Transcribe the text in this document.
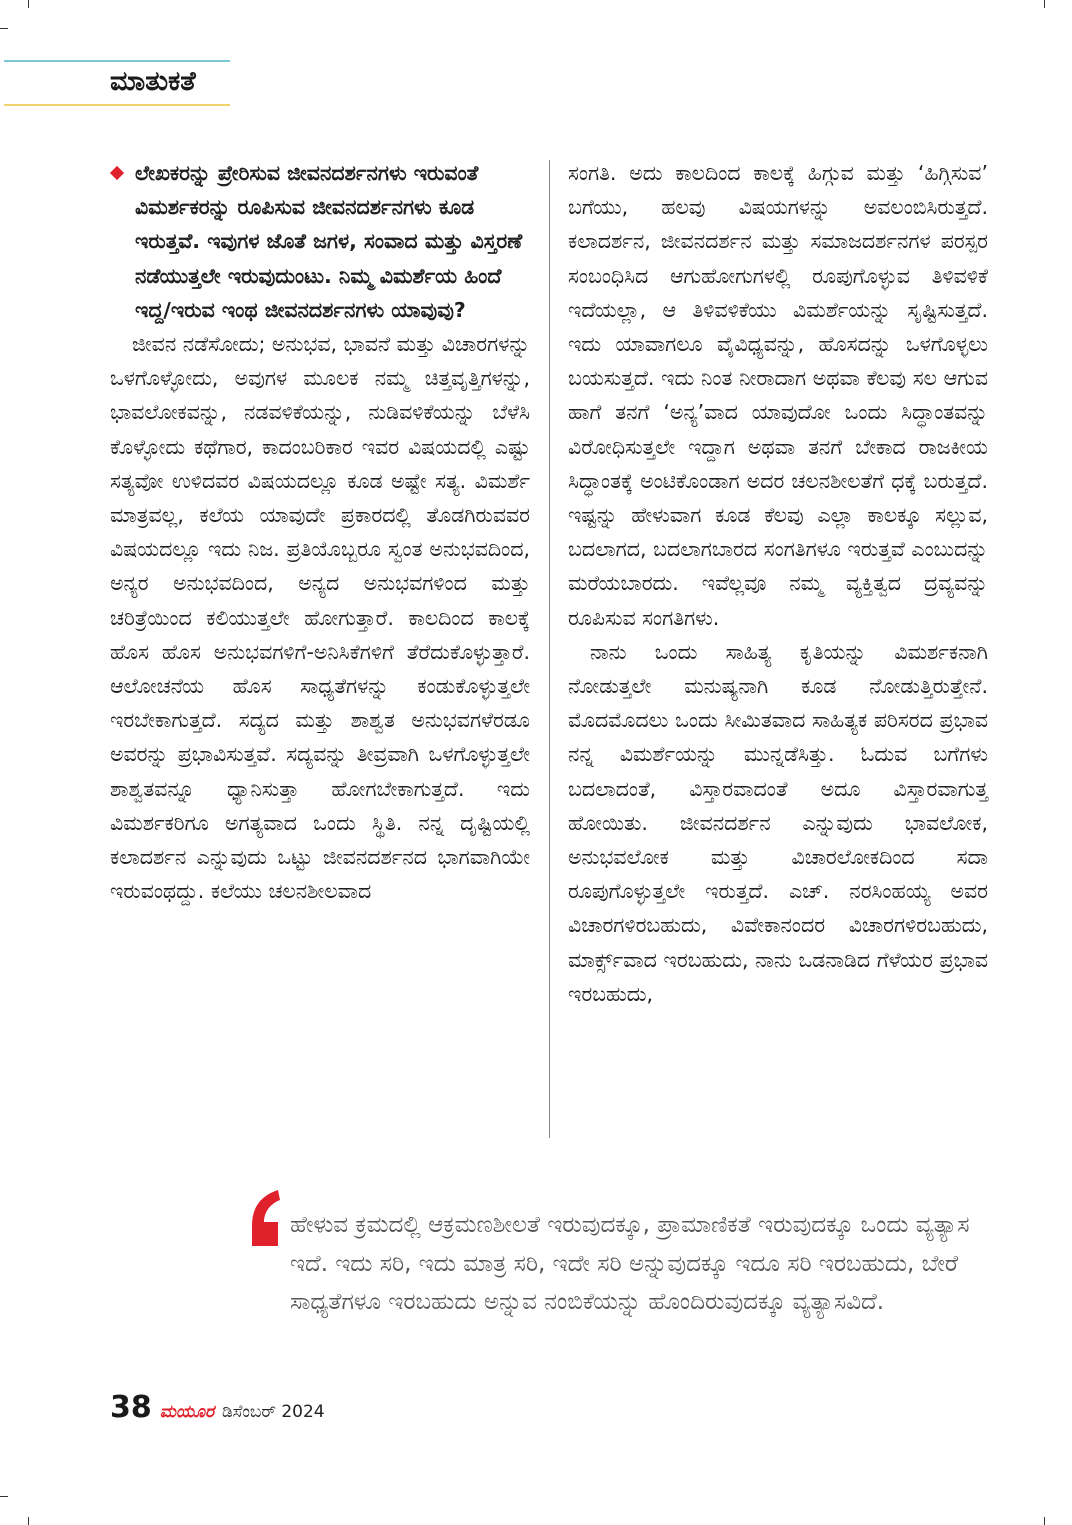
ಮಾತುಕತೆ

ಲೇಖಕರನ್ನು ಪ್ರೇರಿಸುವ ಜೀವನದರ್ಶನಗಳು ಇರುವಂತೆ ವಿಮರ್ಶಕರನ್ನು ರೂಪಿಸುವ ಜೀವನದರ್ಶನಗಳು ಕೂಡ ಇರುತ್ತವೆ. ಇವುಗಳ ಜೊತೆ ಜಗಳ, ಸಂವಾದ ಮತ್ತು ವಿಸ್ತರಣೆ ನಡೆಯುತ್ತಲೇ ಇರುವುದುಂಟು. ನಿಮ್ಮ ವಿಮರ್ಶೆಯ ಹಿಂದೆ ಇದ್ದ/ಇರುವ ಇಂಥ ಜೀವನದರ್ಶನಗಳು ಯಾವುವು?

ಜೀವನ ನಡೆಸೋದು; ಅನುಭವ, ಭಾವನೆ ಮತ್ತು ವಿಚಾರಗಳನ್ನು ಒಳಗೊಳ್ಳೋದು, ಅವುಗಳ ಮೂಲಕ ನಮ್ಮ ಚಿತ್ತವೃತ್ತಿಗಳನ್ನು, ಭಾವಲೋಕವನ್ನು, ನಡವಳಿಕೆಯನ್ನು, ನುಡಿವಳಿಕೆಯನ್ನು ಬೆಳೆಸಿ ಕೊಳ್ಳೋದು ಕಥೆಗಾರ, ಕಾದಂಬರಿಕಾರ ಇವರ ವಿಷಯದಲ್ಲಿ ಎಷ್ಟು ಸತ್ಯವೋ ಉಳಿದವರ ವಿಷಯದಲ್ಲೂ ಕೂಡ ಅಷ್ಟೇ ಸತ್ಯ. ವಿಮರ್ಶೆ ಮಾತ್ರವಲ್ಲ, ಕಲೆಯ ಯಾವುದೇ ಪ್ರಕಾರದಲ್ಲಿ ತೊಡಗಿರುವವರ ವಿಷಯದಲ್ಲೂ ಇದು ನಿಜ. ಪ್ರತಿಯೊಬ್ಬರೂ ಸ್ವಂತ ಅನುಭವದಿಂದ, ಅನ್ಯರ ಅನುಭವದಿಂದ, ಅನ್ಯದ ಅನುಭವಗಳಿಂದ ಮತ್ತು ಚರಿತ್ರೆಯಿಂದ ಕಲಿಯುತ್ತಲೇ ಹೋಗುತ್ತಾರೆ. ಕಾಲದಿಂದ ಕಾಲಕ್ಕೆ ಹೊಸ ಹೊಸ ಅನುಭವಗಳಿಗೆ-ಅನಿಸಿಕೆಗಳಿಗೆ ತೆರೆದುಕೊಳ್ಳುತ್ತಾರೆ. ಆಲೋಚನೆಯ ಹೊಸ ಸಾಧ್ಯತೆಗಳನ್ನು ಕಂಡುಕೊಳ್ಳುತ್ತಲೇ ಇರಬೇಕಾಗುತ್ತದೆ. ಸದ್ಯದ ಮತ್ತು ಶಾಶ್ವತ ಅನುಭವಗಳೆರಡೂ ಅವರನ್ನು ಪ್ರಭಾವಿಸುತ್ತವೆ. ಸದ್ಯವನ್ನು ತೀವ್ರವಾಗಿ ಒಳಗೊಳ್ಳುತ್ತಲೇ ಶಾಶ್ವತವನ್ನೂ ಧ್ಯಾನಿಸುತ್ತಾ ಹೋಗಬೇಕಾಗುತ್ತದೆ. ಇದು ವಿಮರ್ಶಕರಿಗೂ ಅಗತ್ಯವಾದ ಒಂದು ಸ್ಥಿತಿ. ನನ್ನ ದೃಷ್ಟಿಯಲ್ಲಿ ಕಲಾದರ್ಶನ ಎನ್ನುವುದು ಒಟ್ಟು ಜೀವನದರ್ಶನದ ಭಾಗವಾಗಿಯೇ ಇರುವಂಥದ್ದು. ಕಲೆಯು ಚಲನಶೀಲವಾದ

ಸಂಗತಿ. ಅದು ಕಾಲದಿಂದ ಕಾಲಕ್ಕೆ ಹಿಗ್ಗುವ ಮತ್ತು ‘ಹಿಗ್ಗಿಸುವ’ ಬಗೆಯು, ಹಲವು ವಿಷಯಗಳನ್ನು ಅವಲಂಬಿಸಿರುತ್ತದೆ. ಕಲಾದರ್ಶನ, ಜೀವನದರ್ಶನ ಮತ್ತು ಸಮಾಜದರ್ಶನಗಳ ಪರಸ್ಪರ ಸಂಬಂಧಿಸಿದ ಆಗುಹೋಗುಗಳಲ್ಲಿ ರೂಪುಗೊಳ್ಳುವ ತಿಳಿವಳಿಕೆ ಇದೆಯಲ್ಲಾ, ಆ ತಿಳಿವಳಿಕೆಯು ವಿಮರ್ಶೆಯನ್ನು ಸೃಷ್ಟಿಸುತ್ತದೆ. ಇದು ಯಾವಾಗಲೂ ವೈವಿಧ್ಯವನ್ನು, ಹೊಸದನ್ನು ಒಳಗೊಳ್ಳಲು ಬಯಸುತ್ತದೆ. ಇದು ನಿಂತ ನೀರಾದಾಗ ಅಥವಾ ಕೆಲವು ಸಲ ಆಗುವ ಹಾಗೆ ತನಗೆ ‘ಅನ್ಯ’ವಾದ ಯಾವುದೋ ಒಂದು ಸಿದ್ಧಾಂತವನ್ನು ವಿರೋಧಿಸುತ್ತಲೇ ಇದ್ದಾಗ ಅಥವಾ ತನಗೆ ಬೇಕಾದ ರಾಜಕೀಯ ಸಿದ್ಧಾಂತಕ್ಕೆ ಅಂಟಿಕೊಂಡಾಗ ಅದರ ಚಲನಶೀಲತೆಗೆ ಧಕ್ಕೆ ಬರುತ್ತದೆ. ಇಷ್ಟನ್ನು ಹೇಳುವಾಗ ಕೂಡ ಕೆಲವು ಎಲ್ಲಾ ಕಾಲಕ್ಕೂ ಸಲ್ಲುವ, ಬದಲಾಗದ, ಬದಲಾಗಬಾರದ ಸಂಗತಿಗಳೂ ಇರುತ್ತವೆ ಎಂಬುದನ್ನು ಮರೆಯಬಾರದು. ಇವೆಲ್ಲವೂ ನಮ್ಮ ವ್ಯಕ್ತಿತ್ವದ ದ್ರವ್ಯವನ್ನು ರೂಪಿಸುವ ಸಂಗತಿಗಳು.

ನಾನು ಒಂದು ಸಾಹಿತ್ಯ ಕೃತಿಯನ್ನು ವಿಮರ್ಶಕನಾಗಿ ನೋಡುತ್ತಲೇ ಮನುಷ್ಯನಾಗಿ ಕೂಡ ನೋಡುತ್ತಿರುತ್ತೇನೆ. ಮೊದಮೊದಲು ಒಂದು ಸೀಮಿತವಾದ ಸಾಹಿತ್ಯಕ ಪರಿಸರದ ಪ್ರಭಾವ ನನ್ನ ವಿಮರ್ಶೆಯನ್ನು ಮುನ್ನಡೆಸಿತ್ತು. ಓದುವ ಬಗೆಗಳು ಬದಲಾದಂತೆ, ವಿಸ್ತಾರವಾದಂತೆ ಅದೂ ವಿಸ್ತಾರವಾಗುತ್ತ ಹೋಯಿತು. ಜೀವನದರ್ಶನ ಎನ್ನುವುದು ಭಾವಲೋಕ, ಅನುಭವಲೋಕ ಮತ್ತು ವಿಚಾರಲೋಕದಿಂದ ಸದಾ ರೂಪುಗೊಳ್ಳುತ್ತಲೇ ಇರುತ್ತದೆ. ಎಚ್. ನರಸಿಂಹಯ್ಯ ಅವರ ವಿಚಾರಗಳಿರಬಹುದು, ವಿವೇಕಾನಂದರ ವಿಚಾರಗಳಿರಬಹುದು, ಮಾರ್ಕ್ಸ್‌ವಾದ ಇರಬಹುದು, ನಾನು ಒಡನಾಡಿದ ಗೆಳೆಯರ ಪ್ರಭಾವ ಇರಬಹುದು,

ಹೇಳುವ ಕ್ರಮದಲ್ಲಿ ಆಕ್ರಮಣಶೀಲತೆ ಇರುವುದಕ್ಕೂ, ಪ್ರಾಮಾಣಿಕತೆ ಇರುವುದಕ್ಕೂ ಒಂದು ವ್ಯತ್ಯಾಸ ಇದೆ. ಇದು ಸರಿ, ಇದು ಮಾತ್ರ ಸರಿ, ಇದೇ ಸರಿ ಅನ್ನುವುದಕ್ಕೂ ಇದೂ ಸರಿ ಇರಬಹುದು, ಬೇರೆ ಸಾಧ್ಯತೆಗಳೂ ಇರಬಹುದು ಅನ್ನುವ ನಂಬಿಕೆಯನ್ನು ಹೊಂದಿರುವುದಕ್ಕೂ ವ್ಯತ್ಯಾಸವಿದೆ.
38 ಮಯೂರ ಡಿಸೆಂಬರ್ 2024
